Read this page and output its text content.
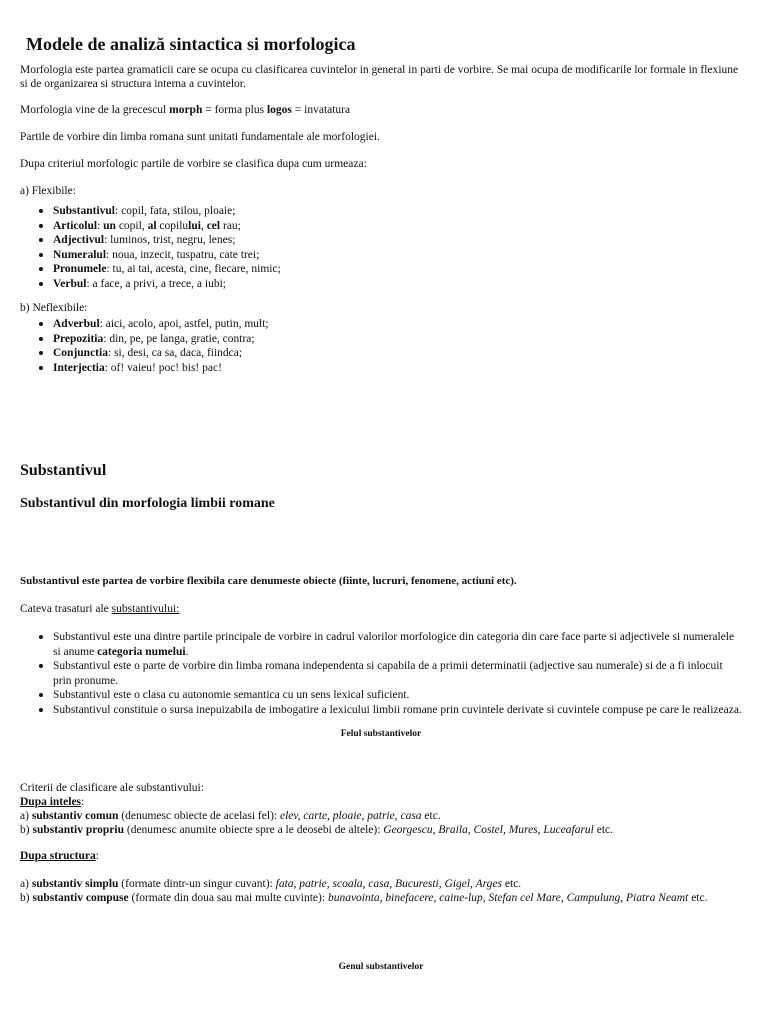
Modele de analiză sintactica si morfologica

Morfologia este partea gramaticii care se ocupa cu clasificarea cuvintelor in general in parti de vorbire. Se mai ocupa de modificarile lor formale in flexiune si de organizarea si structura interna a cuvintelor.

Morfologia vine de la grecescul morph = forma plus logos = invatatura

Partile de vorbire din limba romana sunt unitati fundamentale ale morfologiei.

Dupa criteriul morfologic partile de vorbire se clasifica dupa cum urmeaza:

a) Flexibile:

Substantivul: copil, fata, stilou, ploaie;
Articolul: un copil, al copilului, cel rau;
Adjectivul: luminos, trist, negru, lenes;
Numeralul: noua, inzecit, tuspatru, cate trei;
Pronumele: tu, ai tai, acesta, cine, fiecare, nimic;
Verbul: a face, a privi, a trece, a iubi;

b) Neflexibile:

Adverbul: aici, acolo, apoi, astfel, putin, mult;
Prepozitia: din, pe, pe langa, gratie, contra;
Conjunctia: si, desi, ca sa, daca, fiindca;
Interjectia: of! vaieu! poc! bis! pac!
Substantivul
Substantivul din morfologia limbii romane

Substantivul este partea de vorbire flexibila care denumeste obiecte (fiinte, lucruri, fenomene, actiuni etc).

Cateva trasaturi ale substantivului:

Substantivul este una dintre partile principale de vorbire in cadrul valorilor morfologice din categoria din care face parte si adjectivele si numeralele si anume categoria numelui.
Substantivul este o parte de vorbire din limba romana independenta si capabila de a primii determinatii (adjective sau numerale) si de a fi inlocuit prin pronume.
Substantivul este o clasa cu autonomie semantica cu un sens lexical suficient.
Substantivul constituie o sursa inepuizabila de imbogatire a lexicului limbii romane prin cuvintele derivate si cuvintele compuse pe care le realizeaza.

Felul substantivelor

Criterii de clasificare ale substantivului:

Dupa inteles:

a) substantiv comun (denumesc obiecte de acelasi fel): elev, carte, ploaie, patrie, casa etc.

b) substantiv propriu (denumesc anumite obiecte spre a le deosebi de altele): Georgescu, Braila, Costel, Mures, Luceafarul etc.

Dupa structura:

a) substantiv simplu (formate dintr-un singur cuvant): fata, patrie, scoala, casa, Bucuresti, Gigel, Arges etc.

b) substantiv compuse (formate din doua sau mai multe cuvinte): bunavointa, binefacere, caine-lup, Stefan cel Mare, Campulung, Piatra Neamt etc.

Genul substantivelor
